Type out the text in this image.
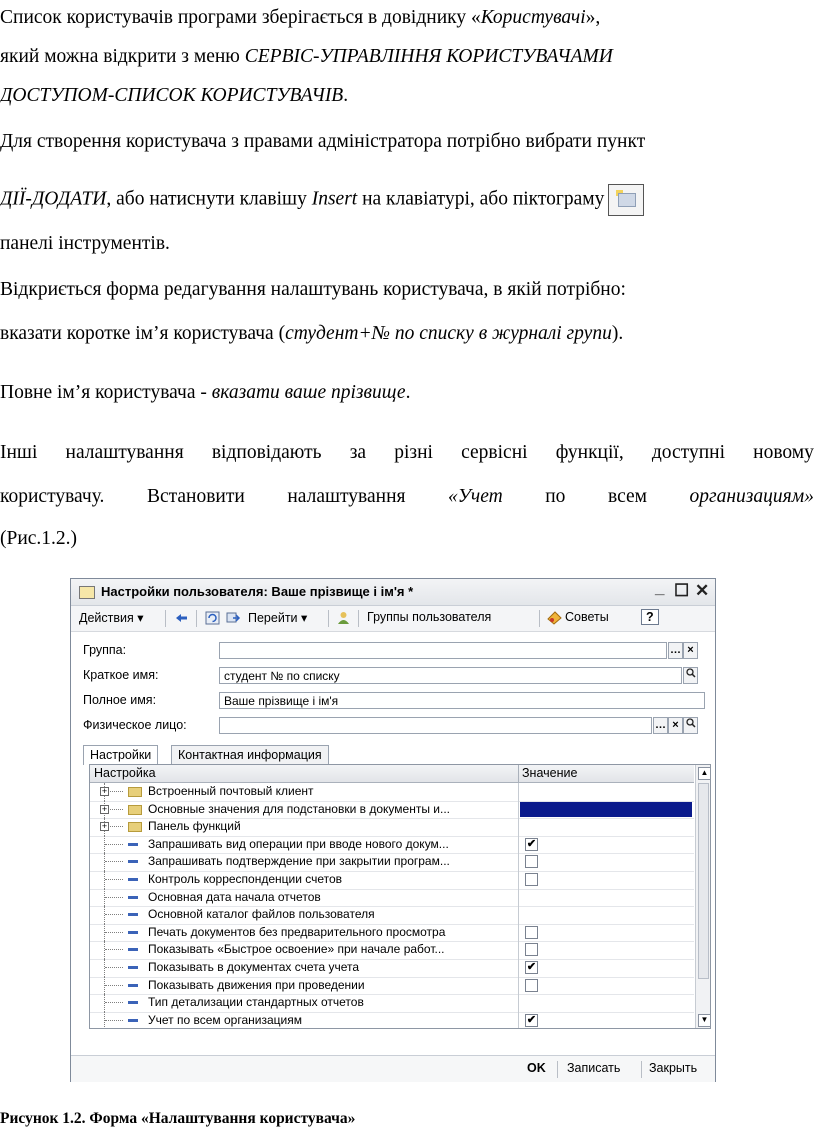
Список користувачів програми зберігається в довіднику «Користувачі»,
який можна відкрити з меню СЕРВІС-УПРАВЛІННЯ КОРИСТУВАЧАМИ
ДОСТУПОМ-СПИСОК КОРИСТУВАЧІВ.
Для створення користувача з правами адміністратора потрібно вибрати пункт
ДІЇ-ДОДАТИ, або натиснути клавішу Insert на клавіатурі, або піктограму
панелі інструментів.
Відкриється форма редагування налаштувань користувача, в якій потрібно:
вказати коротке ім’я користувача (студент+№ по списку в журналі групи).
Повне ім’я користувача - вказати ваше прізвище.
Інші налаштування відповідають за різні сервісні функції, доступні новому
користувачу. Встановити налаштування «Учет по всем организациям»
(Рис.1.2.)
Настройки пользователя: Ваше прізвище і ім'я *	_ ☐ ✕
Действия ▾	Перейти ▾	Группы пользователя	Советы	?
Группа:	… ×
Краткое имя:	студент № по списку
Полное имя:	Ваше прізвище і ім'я
Физическое лицо:	… ×
Настройки	Контактная информация
Настройка	Значение
+	Встроенный почтовый клиент
+	Основные значения для подстановки в документы и...
+	Панель функций
Запрашивать вид операции при вводе нового докум...	✔
Запрашивать подтверждение при закрытии програм...
Контроль корреспонденции счетов
Основная дата начала отчетов
Основной каталог файлов пользователя
Печать документов без предварительного просмотра
Показывать «Быстрое освоение» при начале работ...
Показывать в документах счета учета	✔
Показывать движения при проведении
Тип детализации стандартных отчетов
Учет по всем организациям	✔
▲
▼
OK Записать Закрыть
Рисунок 1.2. Форма «Налаштування користувача»
